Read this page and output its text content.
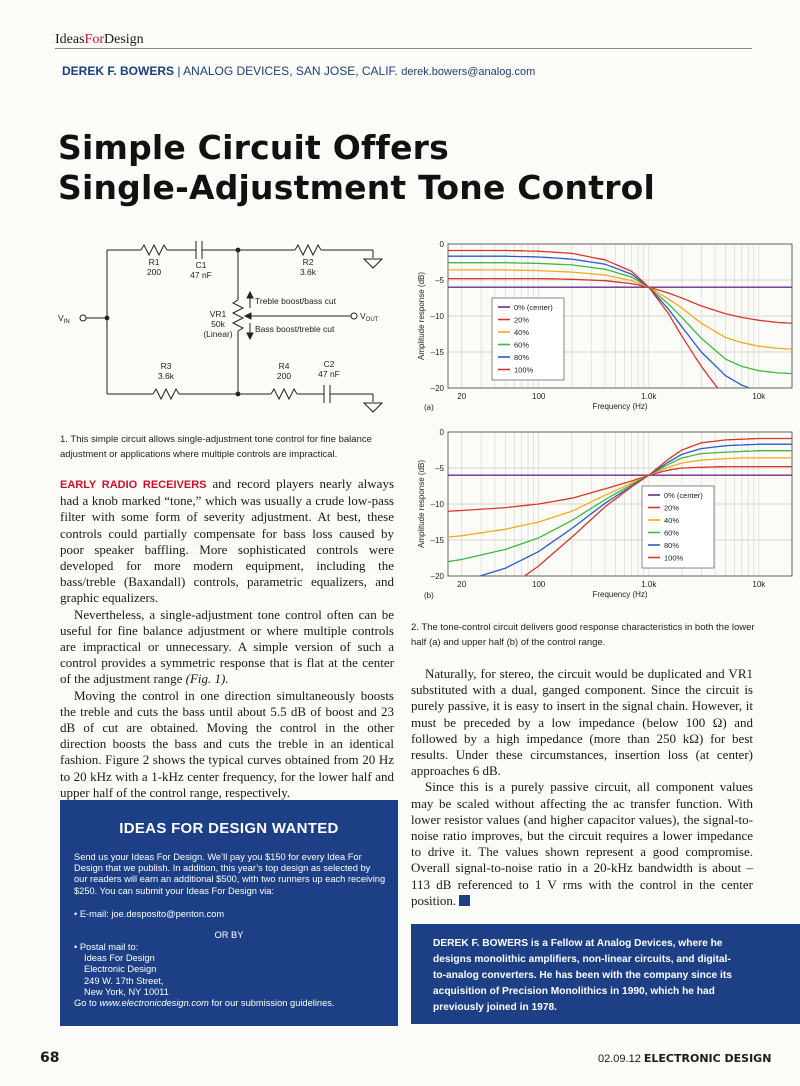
IdeasForDesign
DEREK F. BOWERS | ANALOG DEVICES, SAN JOSE, CALIF. derek.bowers@analog.com
Simple Circuit Offers
Single-Adjustment Tone Control
R1
200
C1
47 nF
R2
3.6k
VR1
50k
(Linear)
R3
3.6k
R4
200
C2
47 nF
Treble boost/bass cut
Bass boost/treble cut
$V_{IN}$
$V_{OUT}$
1. This simple circuit allows single-adjustment tone control for fine balance adjustment or applications where multiple controls are impractical.
0
–5
–10
–15
–20
20	100	1.0k	10k
Frequency (Hz)
Amplitude response (dB)
(a)
0% (center)
20%
40%
60%
80%
100%
0
–5
–10
–15
–20
20	100	1.0k	10k
Frequency (Hz)
Amplitude response (dB)
(b)
0% (center)
20%
40%
60%
80%
100%
2. The tone-control circuit delivers good response characteristics in both the lower half (a) and upper half (b) of the control range.

EARLY RADIO RECEIVERS and record players nearly always had a knob marked “tone,” which was usually a crude low-pass filter with some form of severity adjustment. At best, these controls could partially compensate for bass loss caused by poor speaker baffling. More sophisticated controls were developed for more modern equipment, including the bass/treble (Baxandall) controls, parametric equalizers, and graphic equalizers.

Nevertheless, a single-adjustment tone control often can be useful for fine balance adjustment or where multiple controls are impractical or unnecessary. A simple version of such a control provides a symmetric response that is flat at the center of the adjustment range (Fig. 1).

Moving the control in one direction simultaneously boosts the treble and cuts the bass until about 5.5 dB of boost and 23 dB of cut are obtained. Moving the control in the other direction boosts the bass and cuts the treble in an identical fashion. Figure 2 shows the typical curves obtained from 20 Hz to 20 kHz with a 1-kHz center frequency, for the lower half and upper half of the control range, respectively.

Naturally, for stereo, the circuit would be duplicated and VR1 substituted with a dual, ganged component. Since the circuit is purely passive, it is easy to insert in the signal chain. However, it must be preceded by a low impedance (below 100 Ω) and followed by a high impedance (more than 250 kΩ) for best results. Under these circumstances, insertion loss (at center) approaches 6 dB.

Since this is a purely passive circuit, all component values may be scaled without affecting the ac transfer function. With lower resistor values (and higher capacitor values), the signal-to-noise ratio improves, but the circuit requires a lower impedance to drive it. The values shown represent a good compromise. Overall signal-to-noise ratio in a 20-kHz bandwidth is about –113 dB referenced to 1 V rms with the control in the center position.

IDEAS FOR DESIGN WANTED
Send us your Ideas For Design. We’ll pay you $150 for every Idea For Design that we publish. In addition, this year’s top design as selected by our readers will earn an additional $500, with two runners up each receiving $250. You can submit your Ideas For Design via:
• E-mail: joe.desposito@penton.com
OR BY
• Postal mail to:
Ideas For Design
Electronic Design
249 W. 17th Street,
New York, NY 10011
Go to www.electronicdesign.com for our submission guidelines.
DEREK F. BOWERS is a Fellow at Analog Devices, where he designs monolithic amplifiers, non-linear circuits, and digital-to-analog converters. He has been with the company since its acquisition of Precision Monolithics in 1990, which he had previously joined in 1978.
68	02.09.12 ELECTRONIC DESIGN
